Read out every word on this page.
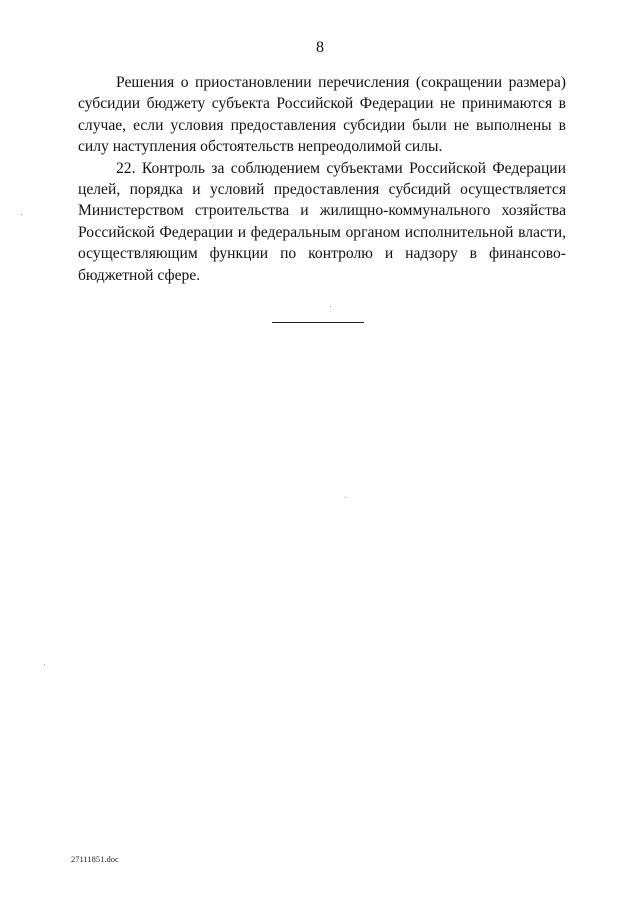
8

Решения о приостановлении перечисления (сокращении размера) субсидии бюджету субъекта Российской Федерации не принимаются в случае, если условия предоставления субсидии были не выполнены в силу наступления обстоятельств непреодолимой силы.

22. Контроль за соблюдением субъектами Российской Федерации целей, порядка и условий предоставления субсидий осуществляется Министерством строительства и жилищно-коммунального хозяйства Российской Федерации и федеральным органом исполнительной власти, осуществляющим функции по контролю и надзору в финансово-бюджетной сфере.

27111851.doc
